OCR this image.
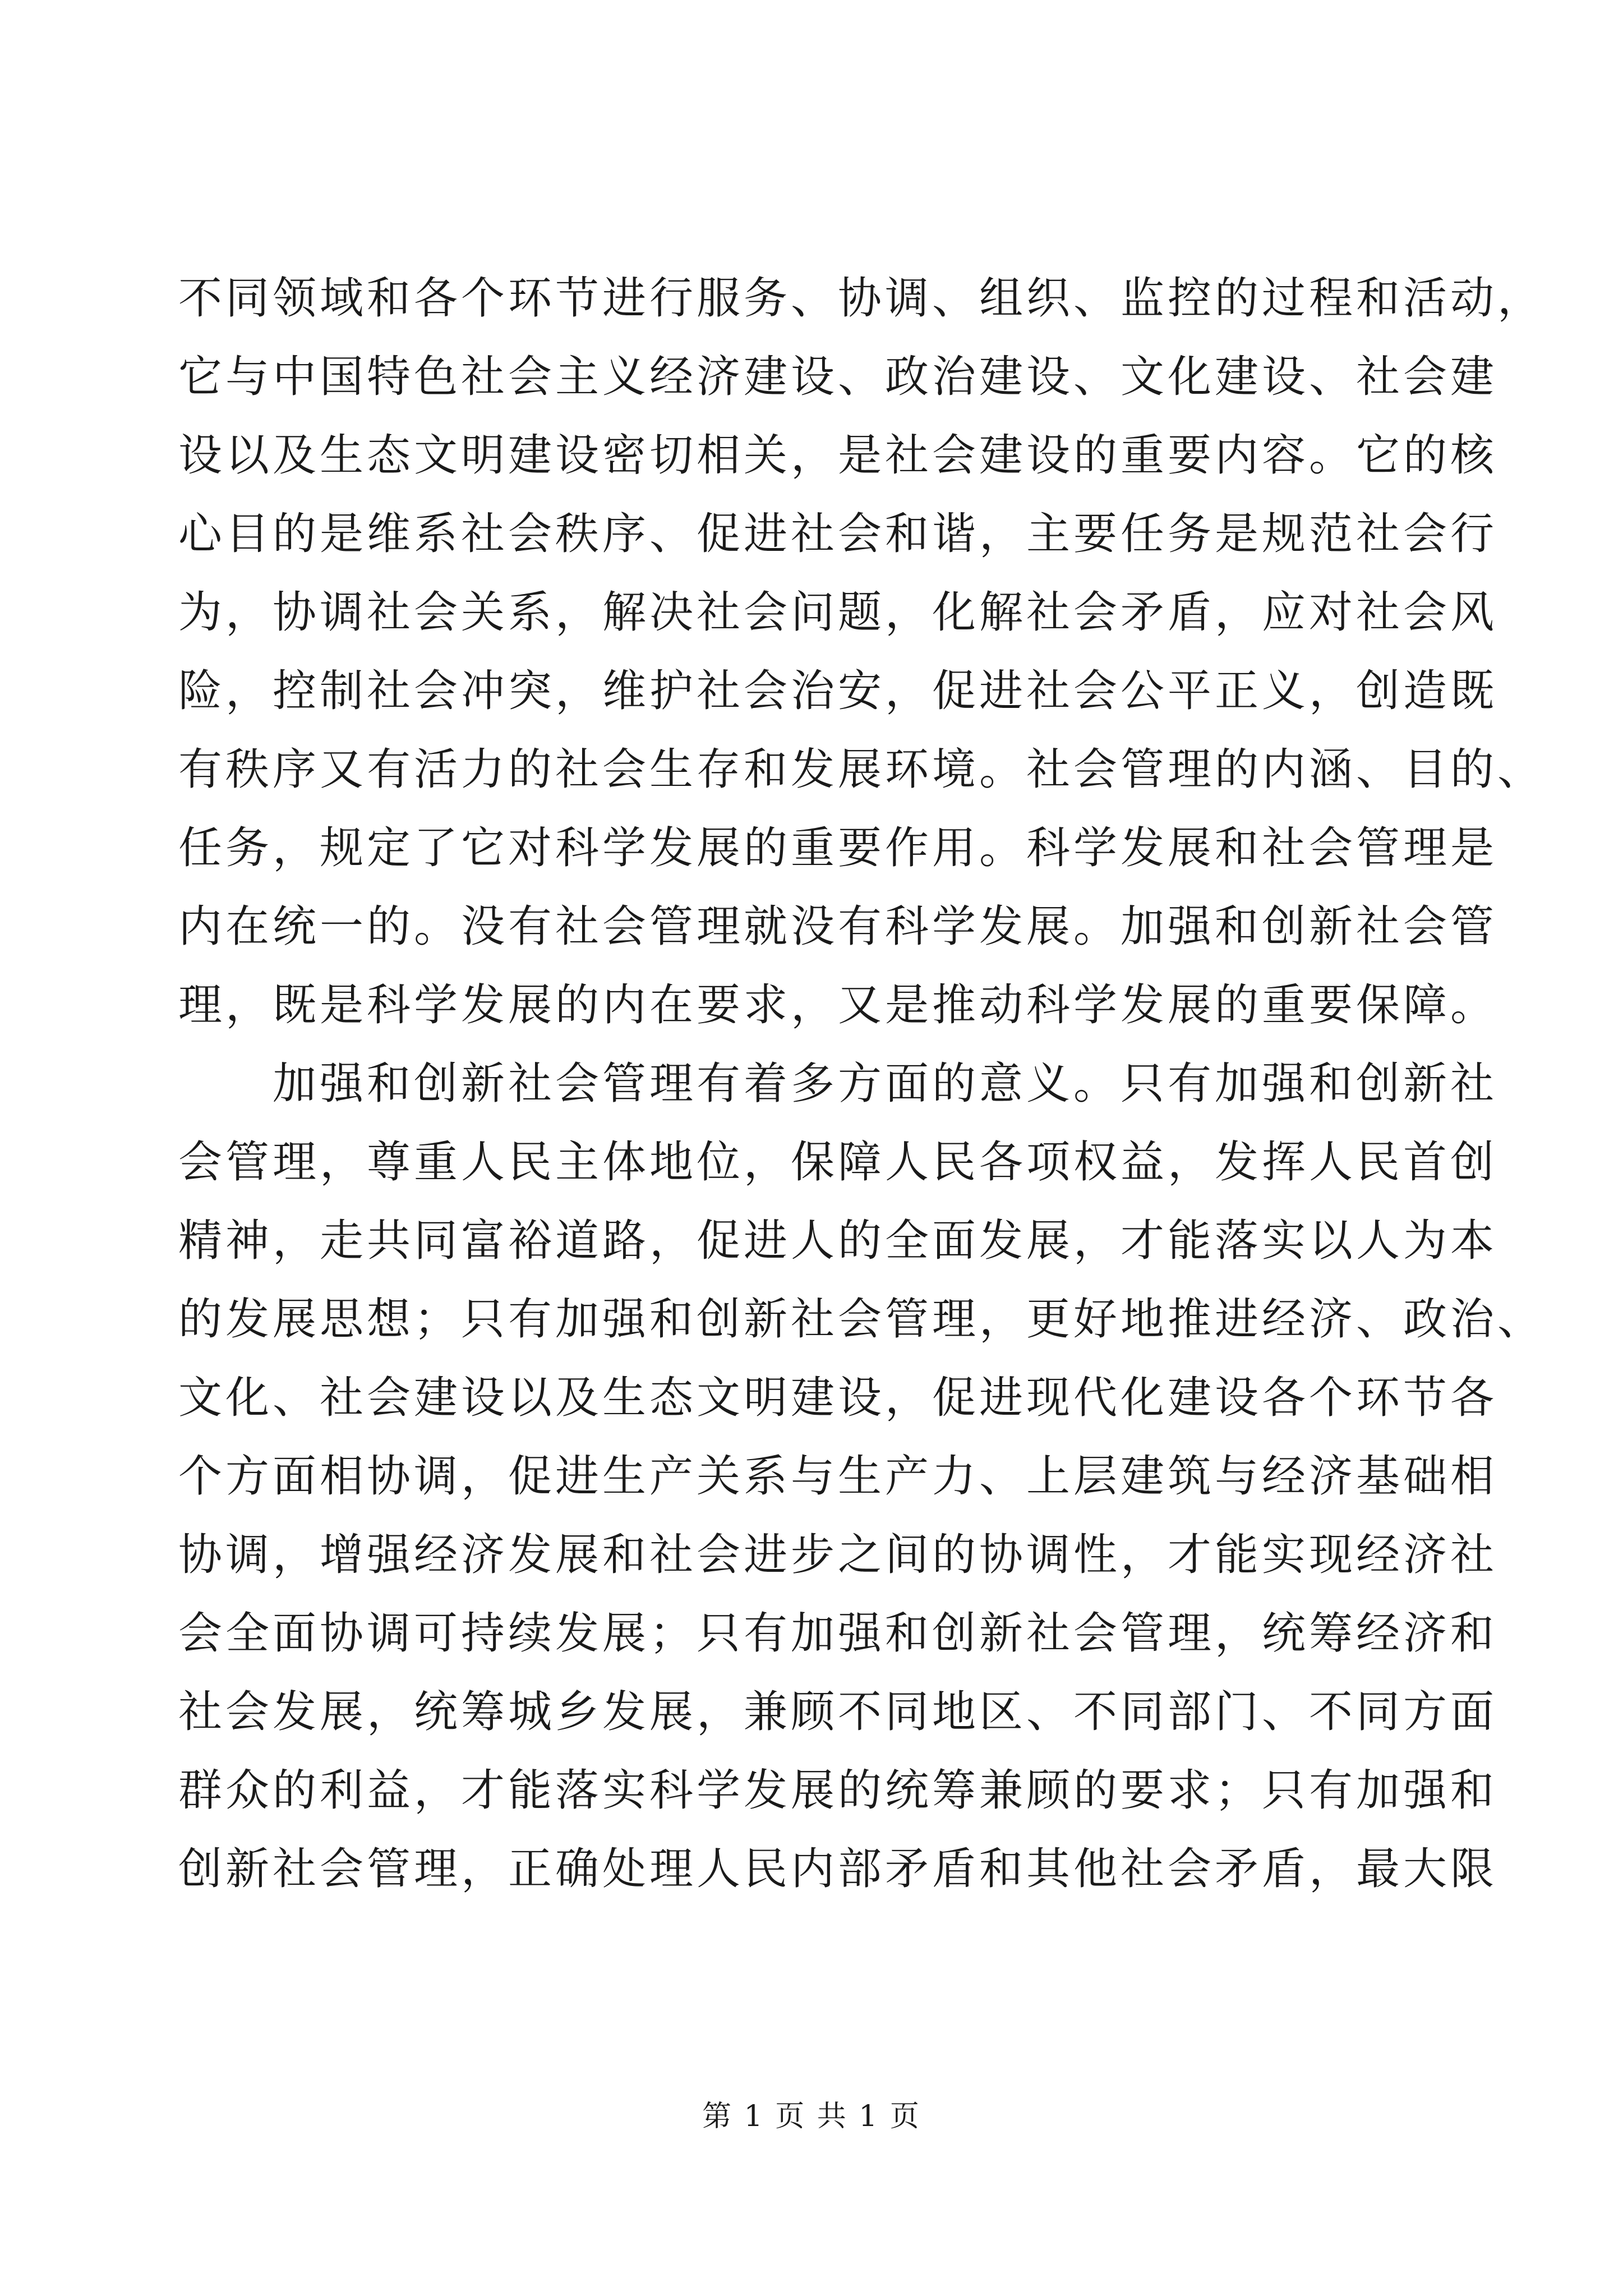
不同领域和各个环节进行服务、协调、组织、监控的过程和活动，
它与中国特色社会主义经济建设、政治建设、文化建设、社会建
设以及生态文明建设密切相关，是社会建设的重要内容。它的核
心目的是维系社会秩序、促进社会和谐，主要任务是规范社会行
为，协调社会关系，解决社会问题，化解社会矛盾，应对社会风
险，控制社会冲突，维护社会治安，促进社会公平正义，创造既
有秩序又有活力的社会生存和发展环境。社会管理的内涵、目的、
任务，规定了它对科学发展的重要作用。科学发展和社会管理是
内在统一的。没有社会管理就没有科学发展。加强和创新社会管
理，既是科学发展的内在要求，又是推动科学发展的重要保障。
　　加强和创新社会管理有着多方面的意义。只有加强和创新社
会管理，尊重人民主体地位，保障人民各项权益，发挥人民首创
精神，走共同富裕道路，促进人的全面发展，才能落实以人为本
的发展思想；只有加强和创新社会管理，更好地推进经济、政治、
文化、社会建设以及生态文明建设，促进现代化建设各个环节各
个方面相协调，促进生产关系与生产力、上层建筑与经济基础相
协调，增强经济发展和社会进步之间的协调性，才能实现经济社
会全面协调可持续发展；只有加强和创新社会管理，统筹经济和
社会发展，统筹城乡发展，兼顾不同地区、不同部门、不同方面
群众的利益，才能落实科学发展的统筹兼顾的要求；只有加强和
创新社会管理，正确处理人民内部矛盾和其他社会矛盾，最大限
第 1 页 共 1 页
